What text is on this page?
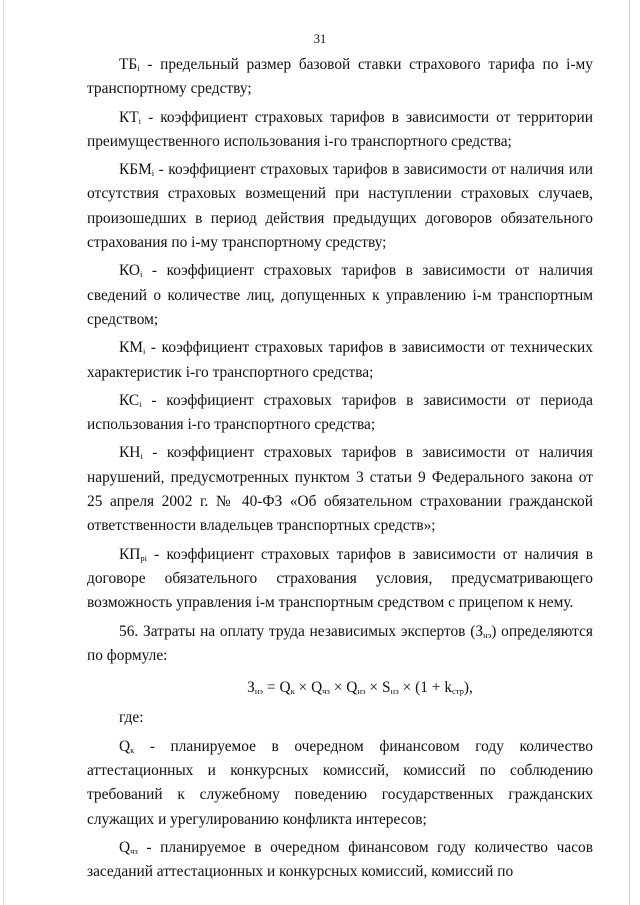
31

$ТБ_i$ - предельный размер базовой ставки страхового тарифа по i-му транспортному средству;

$КТ_i$ - коэффициент страховых тарифов в зависимости от территории преимущественного использования i-го транспортного средства;

$КБМ_i$ - коэффициент страховых тарифов в зависимости от наличия или отсутствия страховых возмещений при наступлении страховых случаев, произошедших в период действия предыдущих договоров обязательного страхования по i-му транспортному средству;

$КО_i$ - коэффициент страховых тарифов в зависимости от наличия сведений о количестве лиц, допущенных к управлению i-м транспортным средством;

$КМ_i$ - коэффициент страховых тарифов в зависимости от технических характеристик i-го транспортного средства;

$КС_i$ - коэффициент страховых тарифов в зависимости от периода использования i-го транспортного средства;

$КН_i$ - коэффициент страховых тарифов в зависимости от наличия нарушений, предусмотренных пунктом 3 статьи 9 Федерального закона от 25 апреля 2002 г. № 40-ФЗ «Об обязательном страховании гражданской ответственности владельцев транспортных средств»;

$КП_{pi}$ - коэффициент страховых тарифов в зависимости от наличия в договоре обязательного страхования условия, предусматривающего возможность управления i-м транспортным средством с прицепом к нему.

56. Затраты на оплату труда независимых экспертов $(З_{нэ})$ определяются по формуле:

$З_{нэ} = Q_к \times Q_{чз} \times Q_{нэ} \times S_{нэ} \times (1 + k_{стр})$,

где:

$Q_к$ - планируемое в очередном финансовом году количество аттестационных и конкурсных комиссий, комиссий по соблюдению требований к служебному поведению государственных гражданских служащих и урегулированию конфликта интересов;

$Q_{чз}$ - планируемое в очередном финансовом году количество часов заседаний аттестационных и конкурсных комиссий, комиссий по
